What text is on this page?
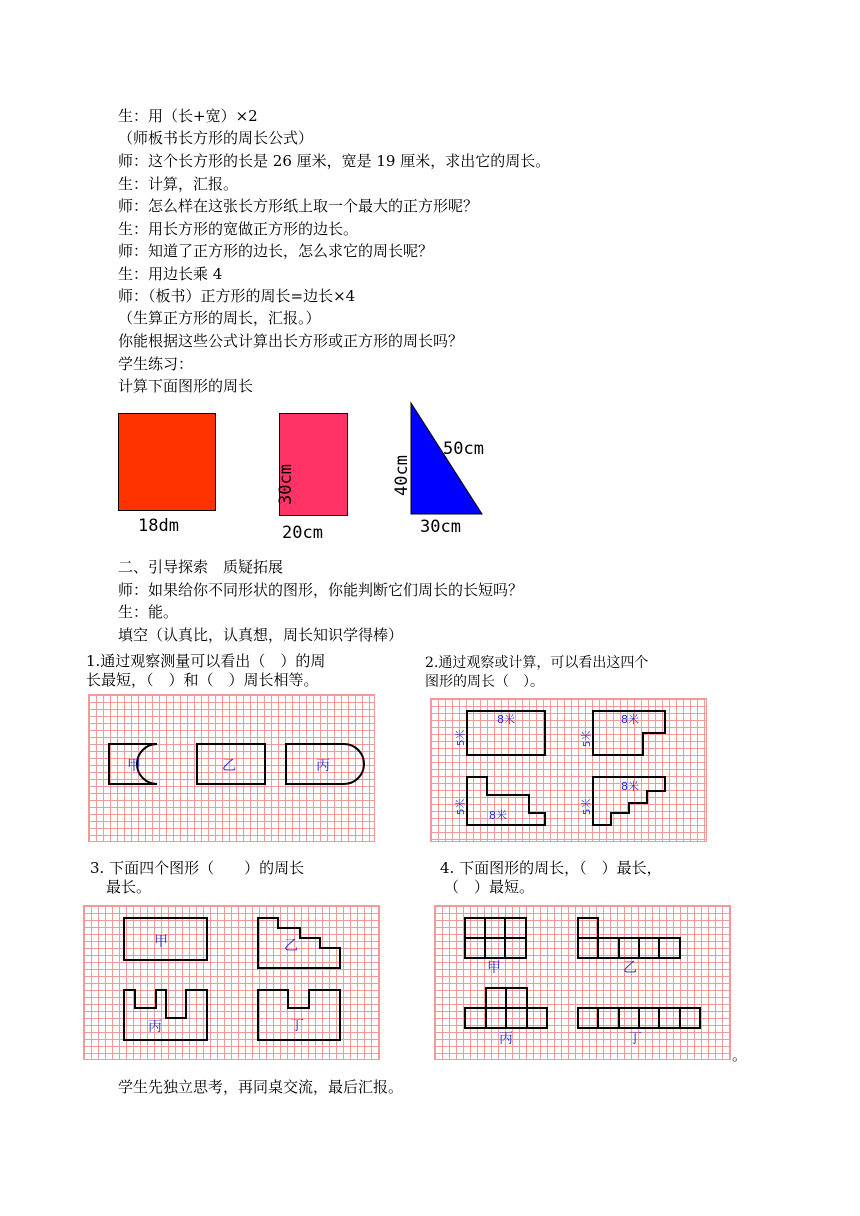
生：用（长+宽）×2
（师板书长方形的周长公式）
师：这个长方形的长是 26 厘米，宽是 19 厘米，求出它的周长。
生：计算，汇报。
师：怎么样在这张长方形纸上取一个最大的正方形呢？
生：用长方形的宽做正方形的边长。
师：知道了正方形的边长，怎么求它的周长呢？
生：用边长乘 4
师：（板书）正方形的周长=边长×4
（生算正方形的周长，汇报。）
你能根据这些公式计算出长方形或正方形的周长吗？
学生练习：
计算下面图形的周长
18dm	20cm
30cm
30cm
40cm
50cm
二、引导探索　质疑拓展
师：如果给你不同形状的图形，你能判断它们周长的长短吗？
生：能。
填空（认真比，认真想，周长知识学得棒）
1.通过观察测量可以看出（　）的周
长最短，（　）和（　）周长相等。
甲	乙	丙
2.通过观察或计算，可以看出这四个
图形的周长（　）。
8米	8米
8米
8米
5米	5米
5米	5米
3. 下面四个图形（　　）的周长
最长。
甲	乙
丙	丁
4. 下面图形的周长，（　）最长，
（　）最短。
甲	乙
丙	丁
。
学生先独立思考，再同桌交流，最后汇报。
